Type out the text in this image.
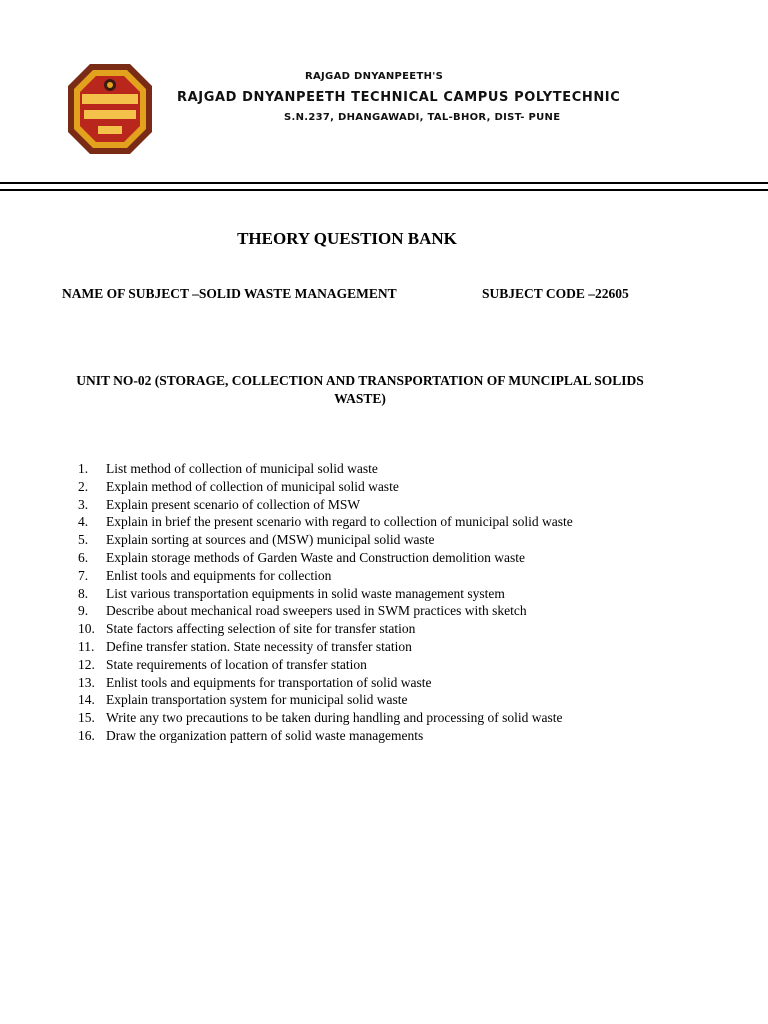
RAJGAD DNYANPEETH'S
RAJGAD DNYANPEETH TECHNICAL CAMPUS POLYTECHNIC
S.N.237, DHANGAWADI, TAL-BHOR, DIST- PUNE
THEORY QUESTION BANK
NAME OF SUBJECT –SOLID WASTE MANAGEMENT	SUBJECT CODE –22605
UNIT NO-02 (STORAGE, COLLECTION AND TRANSPORTATION OF MUNCIPLAL SOLIDS WASTE)
1. List method of collection of municipal solid waste
2. Explain method of collection of municipal solid waste
3. Explain present scenario of collection of MSW
4. Explain in brief the present scenario with regard to collection of municipal solid waste
5. Explain sorting at sources and (MSW) municipal solid waste
6. Explain storage methods of Garden Waste and Construction demolition waste
7. Enlist tools and equipments for collection
8. List various transportation equipments in solid waste management system
9. Describe about mechanical road sweepers used in SWM practices with sketch
10. State factors affecting selection of site for transfer station
11. Define transfer station. State necessity of transfer station
12. State requirements of location of transfer station
13. Enlist tools and equipments for transportation of solid waste
14. Explain transportation system for municipal solid waste
15. Write any two precautions to be taken during handling and processing of solid waste
16. Draw the organization pattern of solid waste managements
